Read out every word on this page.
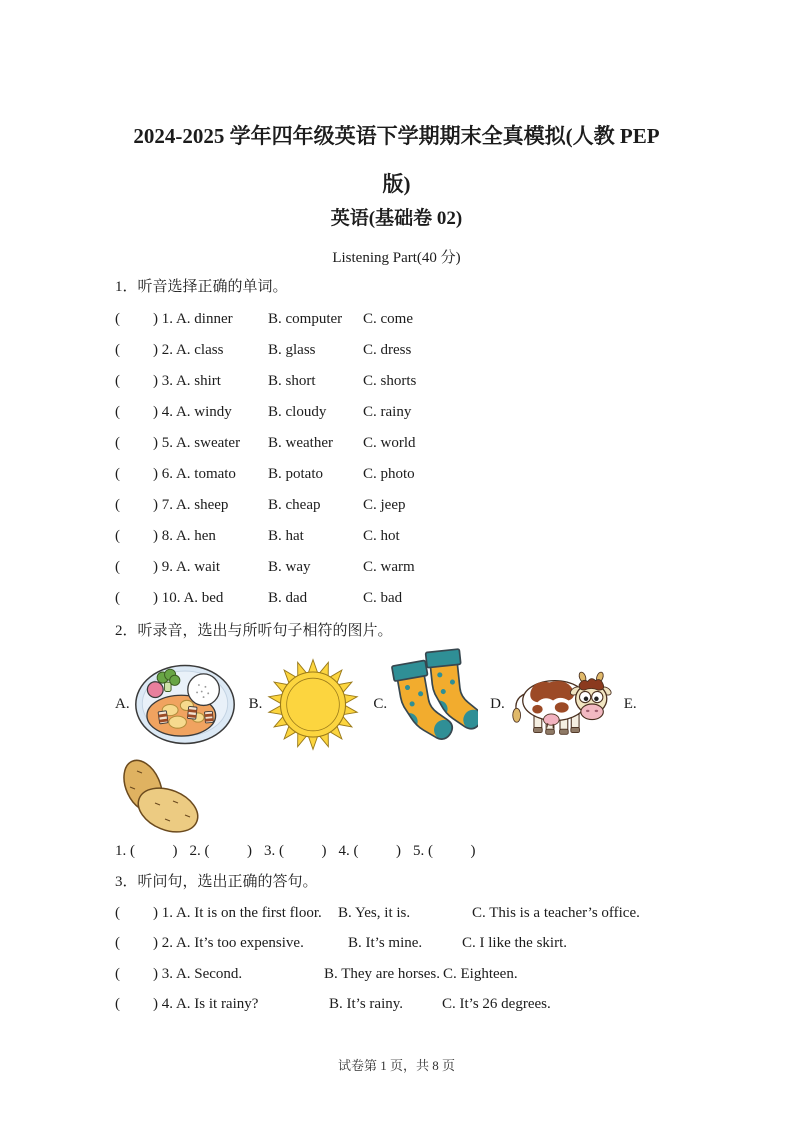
2024-2025 学年四年级英语下学期期末全真模拟(人教 PEP
版)
英语(基础卷 02)
Listening Part(40 分)
1．听音选择正确的单词。
(	) 1. A. dinner	B. computer	C. come
(	) 2. A. class	B. glass	C. dress
(	) 3. A. shirt	B. short	C. shorts
(	) 4. A. windy	B. cloudy	C. rainy
(	) 5. A. sweater	B. weather	C. world
(	) 6. A. tomato	B. potato	C. photo
(	) 7. A. sheep	B. cheap	C. jeep
(	) 8. A. hen	B. hat	C. hot
(	) 9. A. wait	B. way	C. warm
(	) 10. A. bed	B. dad	C. bad
2．听录音，选出与所听句子相符的图片。
A.	B.	C.	D.	E.
1. (          ) 2. (          ) 3. (          ) 4. (          ) 5. (          )
3．听问句，选出正确的答句。
(	) 1. A. It is on the first floor.	B. Yes, it is.	C. This is a teacher’s office.
(	) 2. A. It’s too expensive.	B. It’s mine.	C. I like the skirt.
(	) 3. A. Second.	B. They are horses. C. Eighteen.
(	) 4. A. Is it rainy?	B. It’s rainy.	C. It’s 26 degrees.
试卷第 1 页，共 8 页
